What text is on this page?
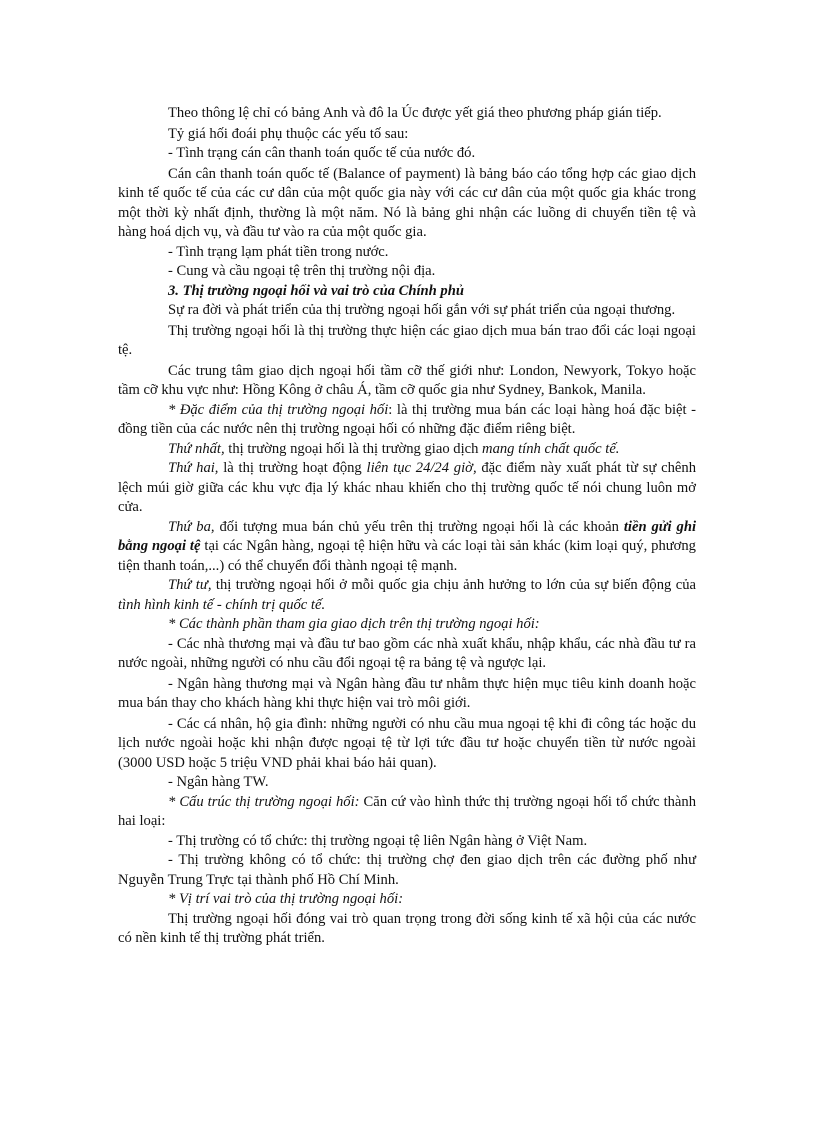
Theo thông lệ chỉ có bảng Anh và đô la Úc được yết giá theo phương pháp gián tiếp.

Tỷ giá hối đoái phụ thuộc các yếu tố sau:

- Tình trạng cán cân thanh toán quốc tế của nước đó.

Cán cân thanh toán quốc tế (Balance of payment) là bảng báo cáo tổng hợp các giao dịch kinh tế quốc tế của các cư dân của một quốc gia này với các cư dân của một quốc gia khác trong một thời kỳ nhất định, thường là một năm. Nó là bảng ghi nhận các luồng di chuyển tiền tệ và hàng hoá dịch vụ, và đầu tư vào ra của một quốc gia.

- Tình trạng lạm phát tiền trong nước.

- Cung và cầu ngoại tệ trên thị trường nội địa.

3. Thị trường ngoại hối và vai trò của Chính phủ

Sự ra đời và phát triển của thị trường ngoại hối gắn với sự phát triển của ngoại thương.

Thị trường ngoại hối là thị trường thực hiện các giao dịch mua bán trao đổi các loại ngoại tệ.

Các trung tâm giao dịch ngoại hối tầm cỡ thế giới như: London, Newyork, Tokyo hoặc tầm cỡ khu vực như: Hồng Kông ở châu Á, tầm cỡ quốc gia như Sydney, Bankok, Manila.

* Đặc điểm của thị trường ngoại hối: là thị trường mua bán các loại hàng hoá đặc biệt - đồng tiền của các nước nên thị trường ngoại hối có những đặc điểm riêng biệt.

Thứ nhất, thị trường ngoại hối là thị trường giao dịch mang tính chất quốc tế.

Thứ hai, là thị trường hoạt động liên tục 24/24 giờ, đặc điểm này xuất phát từ sự chênh lệch múi giờ giữa các khu vực địa lý khác nhau khiến cho thị trường quốc tế nói chung luôn mở cửa.

Thứ ba, đối tượng mua bán chủ yếu trên thị trường ngoại hối là các khoản tiền gửi ghi bằng ngoại tệ tại các Ngân hàng, ngoại tệ hiện hữu và các loại tài sản khác (kim loại quý, phương tiện thanh toán,...) có thể chuyển đổi thành ngoại tệ mạnh.

Thứ tư, thị trường ngoại hối ở mỗi quốc gia chịu ảnh hưởng to lớn của sự biến động của tình hình kinh tế - chính trị quốc tế.

* Các thành phần tham gia giao dịch trên thị trường ngoại hối:

- Các nhà thương mại và đầu tư bao gồm các nhà xuất khẩu, nhập khẩu, các nhà đầu tư ra nước ngoài, những người có nhu cầu đổi ngoại tệ ra bảng tệ và ngược lại.

- Ngân hàng thương mại và Ngân hàng đầu tư nhằm thực hiện mục tiêu kinh doanh hoặc mua bán thay cho khách hàng khi thực hiện vai trò môi giới.

- Các cá nhân, hộ gia đình: những người có nhu cầu mua ngoại tệ khi đi công tác hoặc du lịch nước ngoài hoặc khi nhận được ngoại tệ từ lợi tức đầu tư hoặc chuyển tiền từ nước ngoài (3000 USD hoặc 5 triệu VND phải khai báo hải quan).

- Ngân hàng TW.

* Cấu trúc thị trường ngoại hối: Căn cứ vào hình thức thị trường ngoại hối tổ chức thành hai loại:

- Thị trường có tổ chức: thị trường ngoại tệ liên Ngân hàng ở Việt Nam.

- Thị trường không có tổ chức: thị trường chợ đen giao dịch trên các đường phố như Nguyễn Trung Trực tại thành phố Hồ Chí Minh.

* Vị trí vai trò của thị trường ngoại hối:

Thị trường ngoại hối đóng vai trò quan trọng trong đời sống kinh tế xã hội của các nước có nền kinh tế thị trường phát triển.
